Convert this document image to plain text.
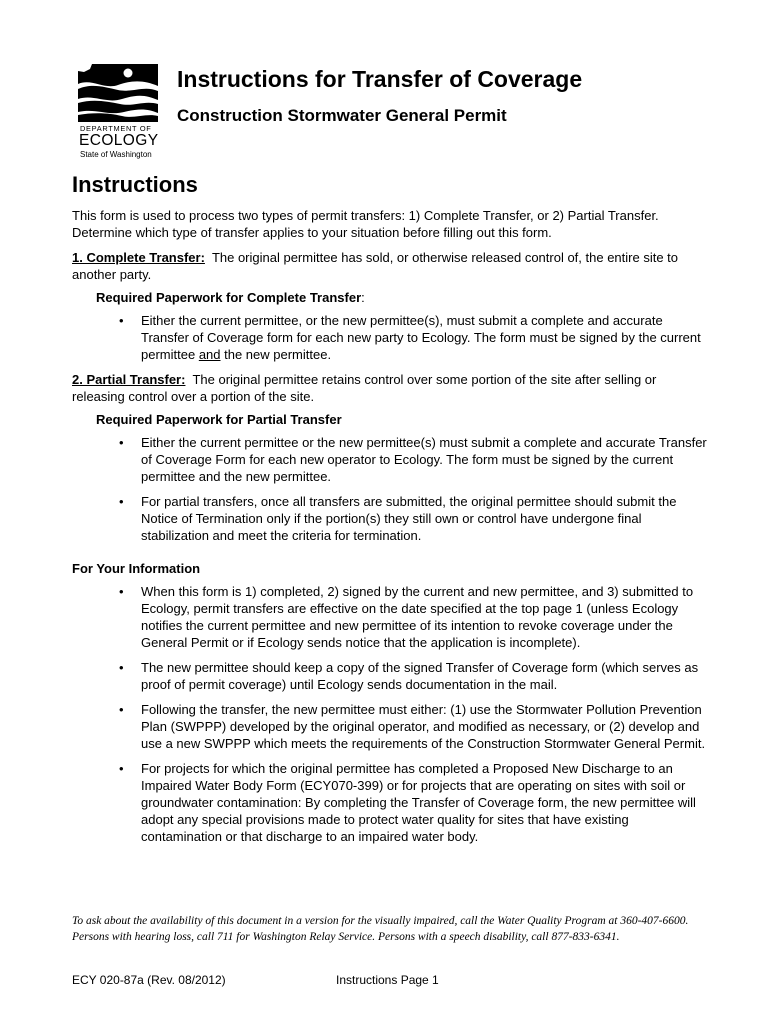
DEPARTMENT OF
ECOLOGY
State of Washington
Instructions for Transfer of Coverage
Construction Stormwater General Permit
Instructions

This form is used to process two types of permit transfers: 1) Complete Transfer, or 2) Partial Transfer. Determine which type of transfer applies to your situation before filling out this form.

1. Complete Transfer: The original permittee has sold, or otherwise released control of, the entire site to another party.

Required Paperwork for Complete Transfer:

• Either the current permittee, or the new permittee(s), must submit a complete and accurate Transfer of Coverage form for each new party to Ecology. The form must be signed by the current permittee and the new permittee.

2. Partial Transfer: The original permittee retains control over some portion of the site after selling or releasing control over a portion of the site.

Required Paperwork for Partial Transfer

• Either the current permittee or the new permittee(s) must submit a complete and accurate Transfer of Coverage Form for each new operator to Ecology. The form must be signed by the current permittee and the new permittee.
• For partial transfers, once all transfers are submitted, the original permittee should submit the Notice of Termination only if the portion(s) they still own or control have undergone final stabilization and meet the criteria for termination.

For Your Information

• When this form is 1) completed, 2) signed by the current and new permittee, and 3) submitted to Ecology, permit transfers are effective on the date specified at the top page 1 (unless Ecology notifies the current permittee and new permittee of its intention to revoke coverage under the General Permit or if Ecology sends notice that the application is incomplete).
• The new permittee should keep a copy of the signed Transfer of Coverage form (which serves as proof of permit coverage) until Ecology sends documentation in the mail.
• Following the transfer, the new permittee must either: (1) use the Stormwater Pollution Prevention Plan (SWPPP) developed by the original operator, and modified as necessary, or (2) develop and use a new SWPPP which meets the requirements of the Construction Stormwater General Permit.
• For projects for which the original permittee has completed a Proposed New Discharge to an Impaired Water Body Form (ECY070-399) or for projects that are operating on sites with soil or groundwater contamination: By completing the Transfer of Coverage form, the new permittee will adopt any special provisions made to protect water quality for sites that have existing contamination or that discharge to an impaired water body.
To ask about the availability of this document in a version for the visually impaired, call the Water Quality Program at 360-407-6600. Persons with hearing loss, call 711 for Washington Relay Service. Persons with a speech disability, call 877-833-6341.
ECY 020-87a (Rev. 08/2012)	Instructions Page 1
